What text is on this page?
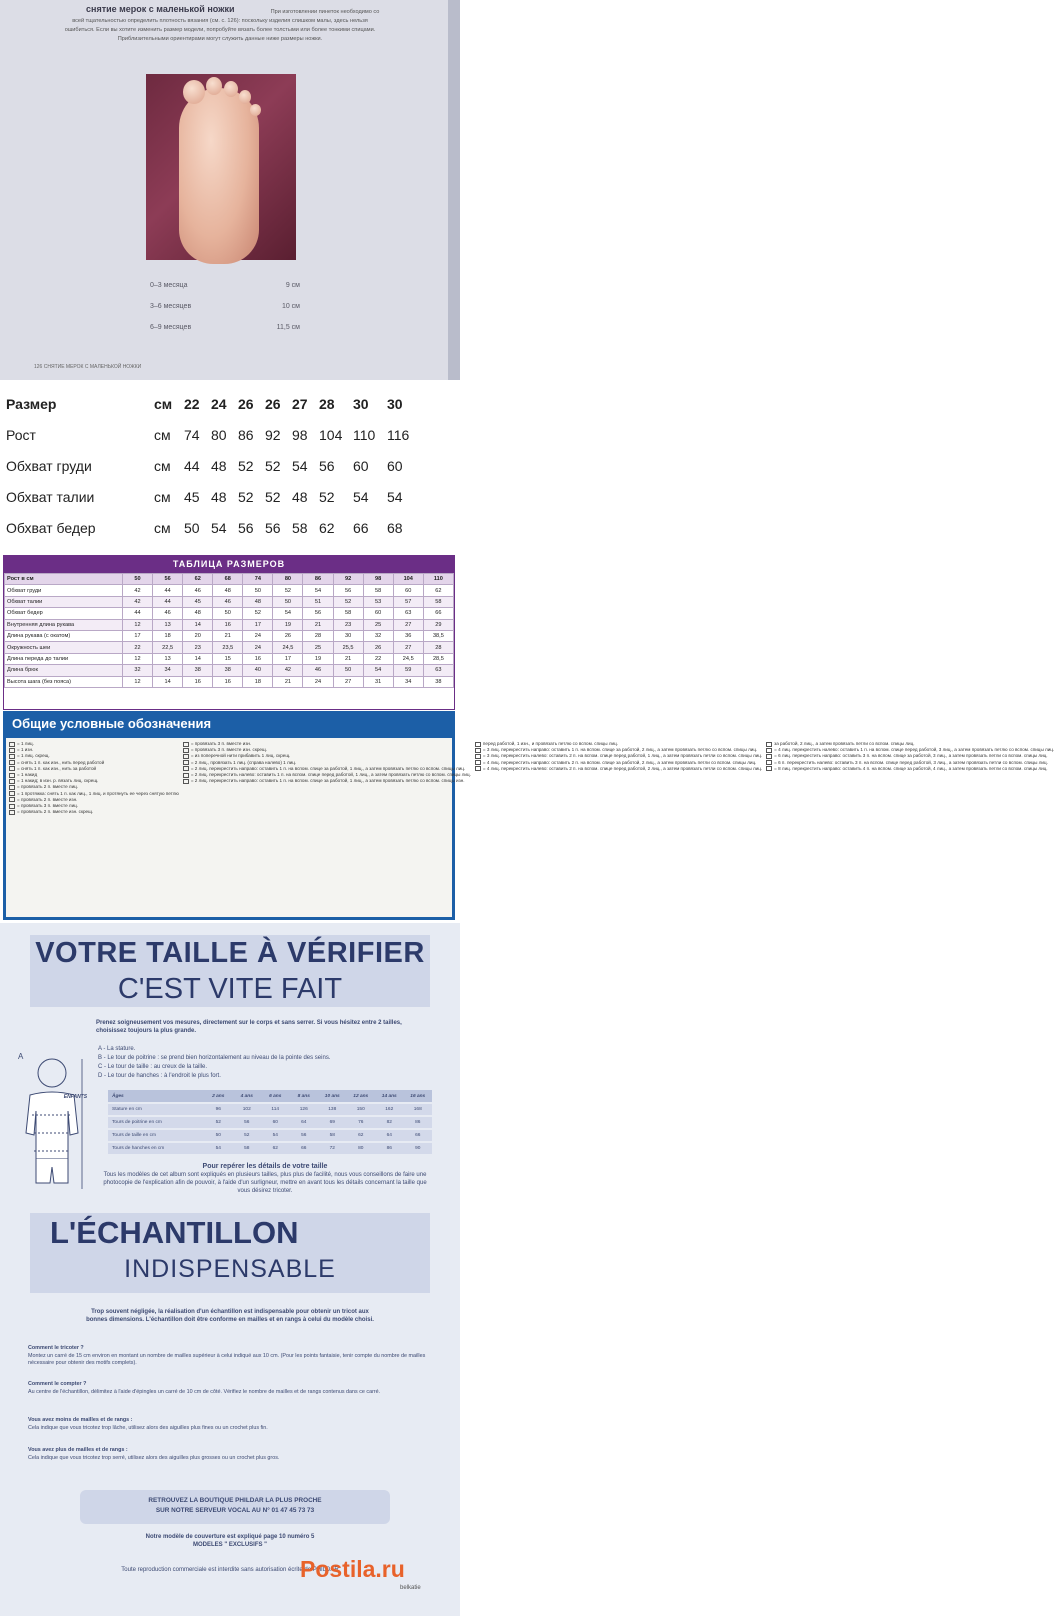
снятие мерок с маленькой ножки	При изготовлении пинеток необходимо со всей тщательностью определить плотность вязания (см. с. 126): поскольку изделия слишком малы, здесь нельзя ошибиться. Если вы хотите изменить размер модели, попробуйте вязать более толстыми или более тонкими спицами. Приблизительными ориентирами могут служить данные ниже размеры ножки.
0–3 месяца	9 см
3–6 месяцев	10 см
6–9 месяцев	11,5 см
126 СНЯТИЕ МЕРОК С МАЛЕНЬКОЙ НОЖКИ
Размер	см	22	24	26	26	27	28	30	30
Рост	см	74	80	86	92	98	104	110	116
Обхват груди	см	44	48	52	52	54	56	60	60
Обхват талии	см	45	48	52	52	48	52	54	54
Обхват бедер	см	50	54	56	56	58	62	66	68
ТАБЛИЦА РАЗМЕРОВ
Рост в см	50	56	62	68	74	80	86	92	98	104	110
Обхват груди	42	44	46	48	50	52	54	56	58	60	62
Обхват талии	42	44	45	46	48	50	51	52	53	57	58
Обхват бедер	44	46	48	50	52	54	56	58	60	63	66
Внутренняя длина рукава	12	13	14	16	17	19	21	23	25	27	29
Длина рукава (с окатом)	17	18	20	21	24	26	28	30	32	36	38,5
Окружность шеи	22	22,5	23	23,5	24	24,5	25	25,5	26	27	28
Длина переда до талии	12	13	14	15	16	17	19	21	22	24,5	28,5
Длина брюк	32	34	38	38	40	42	46	50	54	59	63
Высота шага (без пояса)	12	14	16	16	18	21	24	27	31	34	38
Общие условные обозначения
= 1 лиц.
= 1 изн.
= 1 лиц. скрещ.
= снять 1 п. как изн., нить перед работой
= снять 1 п. как изн., нить за работой
= 1 накид
= 1 накид; в изн. р. вязать лиц. скрещ.
= провязать 2 п. вместе лиц.
= 1 протяжка: снять 1 п. как лиц., 1 лиц. и протянуть ее через снятую петлю
= провязать 2 п. вместе изн.
= провязать 3 п. вместе лиц.
= провязать 2 п. вместе изн. скрещ.
= провязать 3 п. вместе изн.
= провязать 3 п. вместе изн. скрещ.
= из поперечной нити прибавить 1 лиц. скрещ.
= 2 лиц., провязать 1 лиц. (справа налево) 1 лиц.
= 2 лиц. перекрестить направо: оставить 1 п. на вспом. спице за работой, 1 лиц., а затем провязать петлю со вспом. спицы лиц.
= 2 лиц. перекрестить налево: оставить 1 п. на вспом. спице перед работой, 1 лиц., а затем провязать петлю со вспом. спицы лиц.
= 2 лиц. перекрестить направо: оставить 1 п. на вспом. спице за работой, 1 лиц., а затем провязать петлю со вспом. спицы изн.
перед работой, 1 изн., и провязать петлю со вспом. спицы лиц.
= 3 лиц. перекрестить направо: оставить 1 п. на вспом. спице за работой, 2 лиц., а затем провязать петлю со вспом. спицы лиц.
= 3 лиц. перекрестить налево: оставить 2 п. на вспом. спице перед работой, 1 лиц., а затем провязать петли со вспом. спицы лиц.
= 4 лиц. перекрестить направо: оставить 2 п. на вспом. спице за работой, 2 лиц., а затем провязать петли со вспом. спицы лиц.
= 4 лиц. перекрестить налево: оставить 2 п. на вспом. спице перед работой, 2 лиц., а затем провязать петли со вспом. спицы лиц.
за работой, 2 лиц., а затем провязать петли со вспом. спицы лиц.
= 4 лиц. перекрестить налево: оставить 1 п. на вспом. спице перед работой, 3 лиц., а затем провязать петлю со вспом. спицы лиц.
= 6 лиц. перекрестить направо: оставить 3 п. на вспом. спице за работой, 3 лиц., а затем провязать петли со вспом. спицы лиц.
= 6 п. перекрестить налево: оставить 3 п. на вспом. спице перед работой, 3 лиц., а затем провязать петли со вспом. спицы лиц.
= 8 лиц. перекрестить направо: оставить 4 п. на вспом. спице за работой, 4 лиц., а затем провязать петли со вспом. спицы лиц.
VOTRE TAILLE À VÉRIFIER
C'EST VITE FAIT
Prenez soigneusement vos mesures, directement sur le corps et sans serrer. Si vous hésitez entre 2 tailles, choisissez toujours la plus grande.
A
A - La stature.
B - Le tour de poitrine : se prend bien horizontalement au niveau de la pointe des seins.
C - Le tour de taille : au creux de la taille.
D - Le tour de hanches : à l'endroit le plus fort.
Âges
ENFANTS	2 ans	4 ans	6 ans	8 ans	10 ans	12 ans	14 ans	16 ans
Stature en cm	96	102	114	126	138	150	162	168
Tours de poitrine en cm	52	56	60	64	69	76	82	86
Tours de taille en cm	50	52	54	56	58	62	64	66
Tours de hanches en cm	54	58	62	66	72	80	86	90
Pour repérer les détails de votre taille
Tous les modèles de cet album sont expliqués en plusieurs tailles, plus plus de facilité, nous vous conseillons de faire une photocopie de l'explication afin de pouvoir, à l'aide d'un surligneur, mettre en avant tous les détails concernant la taille que vous désirez tricoter.
L'ÉCHANTILLON
INDISPENSABLE
Trop souvent négligée, la réalisation d'un échantillon est indispensable pour obtenir un tricot aux bonnes dimensions. L'échantillon doit être conforme en mailles et en rangs à celui du modèle choisi.
Comment le tricoter ?
Montez un carré de 15 cm environ en montant un nombre de mailles supérieur à celui indiqué aux 10 cm. (Pour les points fantaisie, tenir compte du nombre de mailles nécessaire pour obtenir des motifs complets).
Comment le compter ?
Au centre de l'échantillon, délimitez à l'aide d'épingles un carré de 10 cm de côté. Vérifiez le nombre de mailles et de rangs contenus dans ce carré.
Vous avez moins de mailles et de rangs :
Cela indique que vous tricotez trop lâche, utilisez alors des aiguilles plus fines ou un crochet plus fin.
Vous avez plus de mailles et de rangs :
Cela indique que vous tricotez trop serré, utilisez alors des aiguilles plus grosses ou un crochet plus gros.
RETROUVEZ LA BOUTIQUE PHILDAR LA PLUS PROCHE
SUR NOTRE SERVEUR VOCAL AU N° 01 47 45 73 73
Notre modèle de couverture est expliqué page 10 numéro 5
MODELES " EXCLUSIFS "
Toute reproduction commerciale est interdite sans autorisation écrite de PHILDAR
Postila.ru
belkatie
